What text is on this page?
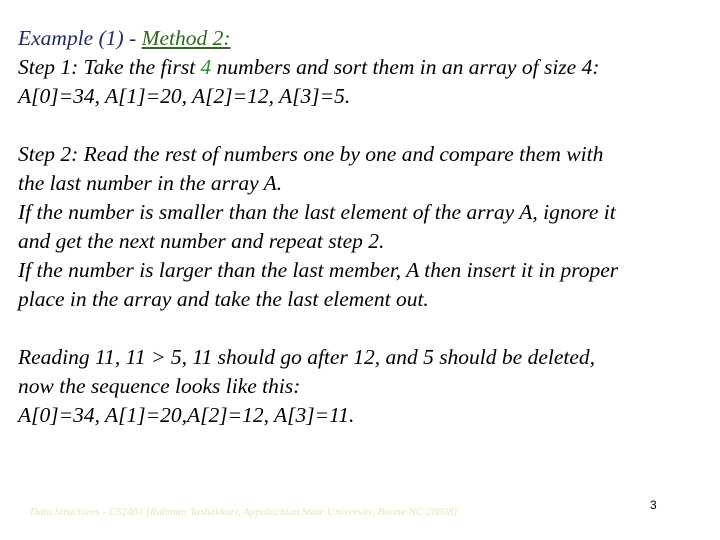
Example (1) - Method 2:
Step 1: Take the first 4 numbers and sort them in an array of size 4:
A[0]=34, A[1]=20, A[2]=12, A[3]=5.
Step 2: Read the rest of numbers one by one and compare them with
the last number in the array A.
If the number is smaller than the last element of the array A, ignore it
and get the next number and repeat step 2.
If the number is larger than the last member, A then insert it in proper
place in the array and take the last element out.
Reading 11, 11 > 5, 11 should go after 12, and 5 should be deleted,
now the sequence looks like this:
A[0]=34, A[1]=20,A[2]=12, A[3]=11.
Data Structures - CS2401 (Rahman Tashakkori, Appalachian State University, Boone NC 28608)	3
